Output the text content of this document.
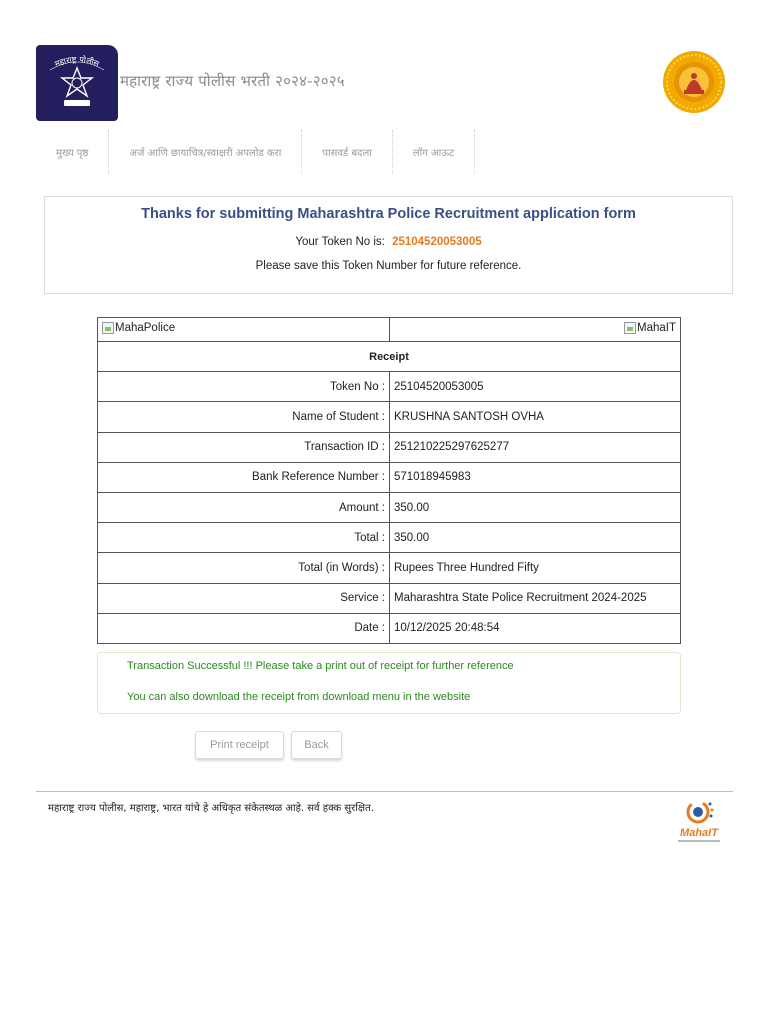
महाराष्ट्र पोलीस
महाराष्ट्र राज्य पोलीस भरती २०२४-२०२५
मुख्य पृष्ठ	अर्ज आणि छायाचित्र/स्वाक्षरी अपलोड करा	पासवर्ड बदला	लॉग आऊट
Thanks for submitting Maharashtra Police Recruitment application form
Your Token No is: 25104520053005
Please save this Token Number for future reference.
MahaPolice	MahaIT

Receipt	
Token No :	25104520053005
Name of Student :	KRUSHNA SANTOSH OVHA
Transaction ID :	251210225297625277
Bank Reference Number :	571018945983
Amount :	350.00
Total :	350.00
Total (in Words) :	Rupees Three Hundred Fifty
Service :	Maharashtra State Police Recruitment 2024-2025
Date :	10/12/2025 20:48:54

Transaction Successful !!! Please take a print out of receipt for further reference

You can also download the receipt from download menu in the website

Print receipt	Back
महाराष्ट्र राज्य पोलीस, महाराष्ट्र, भारत यांचे हे अधिकृत संकेतस्थळ आहे. सर्व हक्क सुरक्षित.
MahaIT
